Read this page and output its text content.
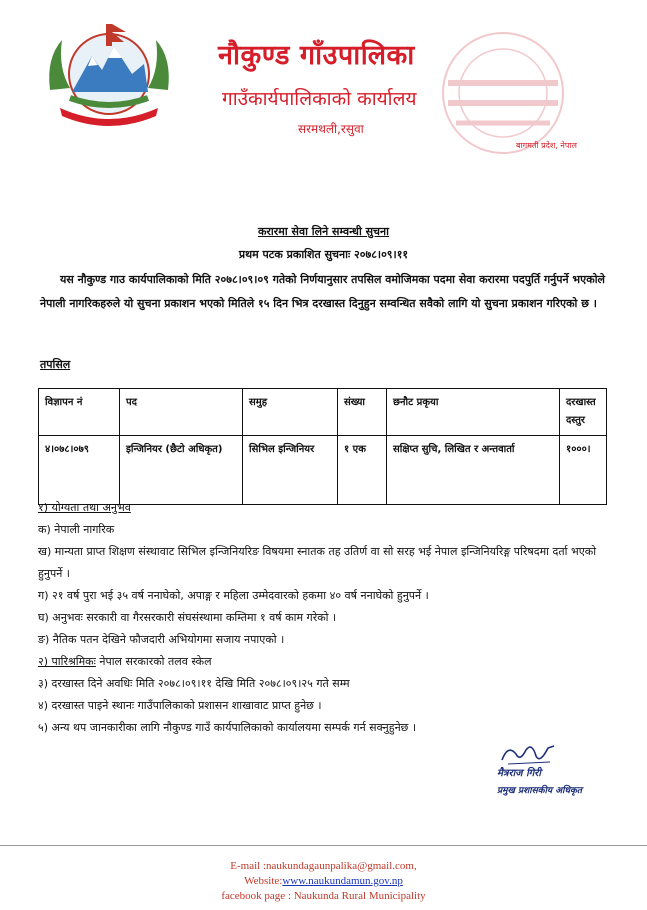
नौकुण्ड गाँउपालिका
गाउँकार्यपालिकाको कार्यालय
सरमथली,रसुवा
बागमती प्रदेश, नेपाल
करारमा सेवा लिने सम्वन्धी सुचना
प्रथम पटक प्रकाशित सुचनाः २०७८।०९।११
यस नौकुण्ड गाउ कार्यपालिकाको मिति २०७८।०९।०९ गतेको निर्णयानुसार तपसिल वमोजिमका पदमा सेवा करारमा पदपुर्ति गर्नुपर्ने भएकोले नेपाली नागरिकहरुले यो सुचना प्रकाशन भएको मितिले १५ दिन भित्र दरखास्त दिनुहुन सम्वन्धित सवैको लागि यो सुचना प्रकाशन गरिएको छ ।
तपसिल
विज्ञापन नं	पद	समुह	संख्या	छनौट प्रकृया	दरखास्त दस्तुर
४।०७८।०७९	इन्जिनियर (छैटो अधिकृत)	सिभिल इन्जिनियर	१ एक	सक्षिप्त सुचि, लिखित र अन्तवार्ता	१०००।
१) योग्यता तथा अनुभव
क) नेपाली नागरिक
ख) मान्यता प्राप्त शिक्षण संस्थावाट सिभिल इन्जिनियरिङ विषयमा स्नातक तह उतिर्ण वा सो सरह भई नेपाल इन्जिनियरिङ्ग परिषदमा दर्ता भएको हुनुपर्ने ।
ग) २१ वर्ष पुरा भई ३५ वर्ष ननाघेको, अपाङ्ग र महिला उम्मेदवारको हकमा ४० वर्ष ननाघेको हुनुपर्ने ।
घ) अनुभवः सरकारी वा गैरसरकारी संघसंस्थामा कम्तिमा १ वर्ष काम गरेको ।
ङ) नैतिक पतन देखिने फौजदारी अभियोगमा सजाय नपाएको ।
२) पारिश्रमिकः नेपाल सरकारको तलव स्केल
३) दरखास्त दिने अवधिः मिति २०७८।०९।११ देखि मिति २०७८।०९।२५ गते सम्म
४) दरखास्त पाइने स्थानः गाउँपालिकाको प्रशासन शाखावाट प्राप्त हुनेछ ।
५) अन्य थप जानकारीका लागि नौकुण्ड गाउँ कार्यपालिकाको कार्यालयमा सम्पर्क गर्न सक्नुहुनेछ ।
मैत्रराज गिरी
प्रमुख प्रशासकीय अधिकृत
E-mail :naukundagaunpalika@gmail.com,
Website:www.naukundamun.gov.np
facebook page : Naukunda Rural Municipality
